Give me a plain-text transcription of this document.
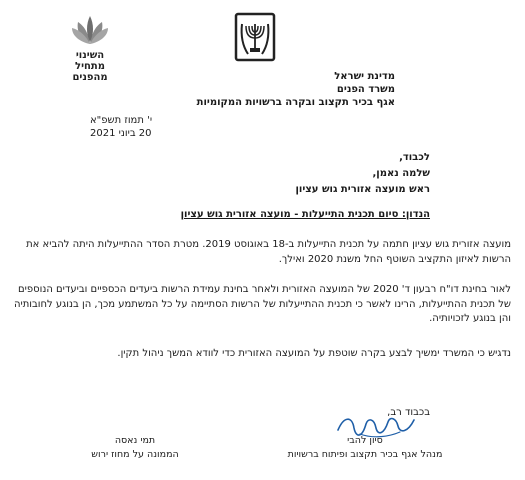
השינוי
מתחיל
מהפנים	מדינת ישראל
משרד הפנים
אגף בכיר תקצוב ובקרה ברשויות המקומיות
י' תמוז תשפ"א
20 ביוני 2021
לכבוד,
שלמה נאמן,
ראש מועצה אזורית גוש עציון
הנדון: סיום תכנית התייעלות - מועצה אזורית גוש עציון
מועצה אזורית גוש עציון חתמה על תכנית התייעלות ב-18 באוגוסט 2019. מטרת הסדר ההתייעלות היתה להביא את הרשות לאיזון התקציב השוטף החל משנת 2020 ואילך.
לאור בחינת דו"ח רבעון ד' 2020 של המועצה האזורית ולאחר בחינת עמידת הרשות ביעדים הכספיים וביעדים הנוספים של תכנית ההתייעלות, הרינו לאשר כי תכנית ההתייעלות של הרשות הסתיימה על כל המשתמע מכך, הן בנוגע לחובותיה והן בנוגע לזכויותיה.
נדגיש כי המשרד ימשיך לבצע בקרה שוטפת על המועצה האזורית כדי לוודא המשך ניהול תקין.
בכבוד רב,
סיון להבי
מנהל אגף בכיר תקצוב ופיתוח ברשויות
תמי נאסה
הממונה על מחוז ירוש
